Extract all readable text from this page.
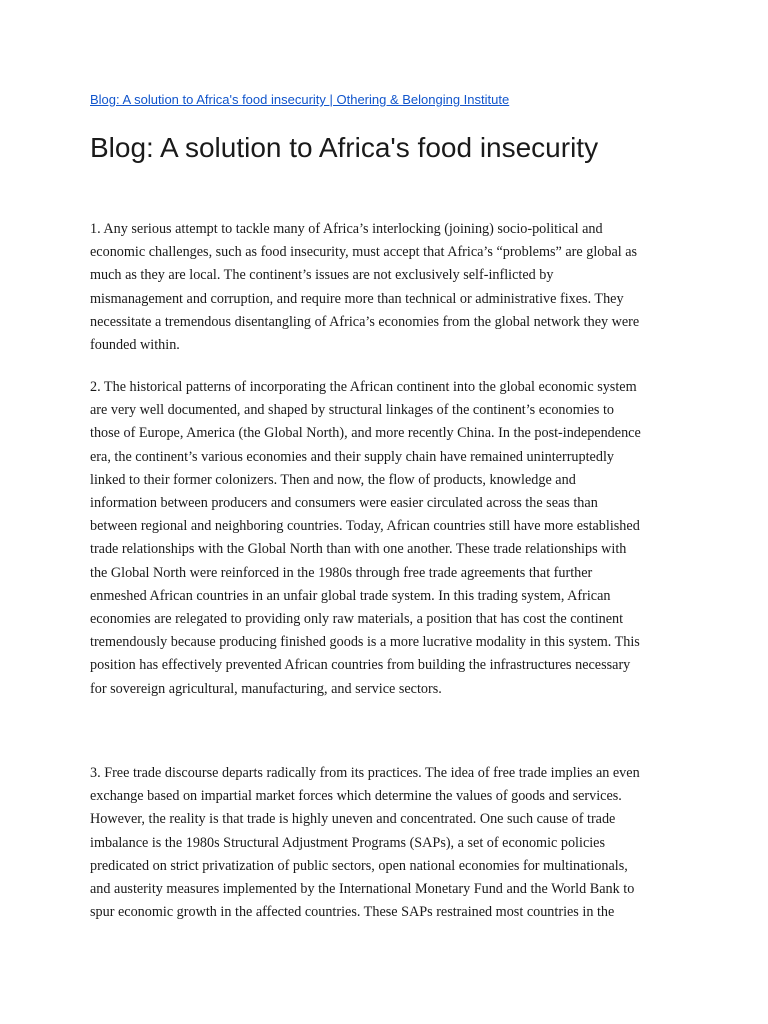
Blog: A solution to Africa's food insecurity | Othering & Belonging Institute
Blog: A solution to Africa's food insecurity
1. Any serious attempt to tackle many of Africa’s interlocking (joining) socio-political and
economic challenges, such as food insecurity, must accept that Africa’s “problems” are global as
much as they are local. The continent’s issues are not exclusively self-inflicted by
mismanagement and corruption, and require more than technical or administrative fixes. They
necessitate a tremendous disentangling of Africa’s economies from the global network they were
founded within.
2. The historical patterns of incorporating the African continent into the global economic system
are very well documented, and shaped by structural linkages of the continent’s economies to
those of Europe, America (the Global North), and more recently China. In the post-independence
era, the continent’s various economies and their supply chain have remained uninterruptedly
linked to their former colonizers. Then and now, the flow of products, knowledge and
information between producers and consumers were easier circulated across the seas than
between regional and neighboring countries. Today, African countries still have more established
trade relationships with the Global North than with one another. These trade relationships with
the Global North were reinforced in the 1980s through free trade agreements that further
enmeshed African countries in an unfair global trade system. In this trading system, African
economies are relegated to providing only raw materials, a position that has cost the continent
tremendously because producing finished goods is a more lucrative modality in this system. This
position has effectively prevented African countries from building the infrastructures necessary
for sovereign agricultural, manufacturing, and service sectors.
3. Free trade discourse departs radically from its practices. The idea of free trade implies an even
exchange based on impartial market forces which determine the values of goods and services.
However, the reality is that trade is highly uneven and concentrated. One such cause of trade
imbalance is the 1980s Structural Adjustment Programs (SAPs), a set of economic policies
predicated on strict privatization of public sectors, open national economies for multinationals,
and austerity measures implemented by the International Monetary Fund and the World Bank to
spur economic growth in the affected countries. These SAPs restrained most countries in the
